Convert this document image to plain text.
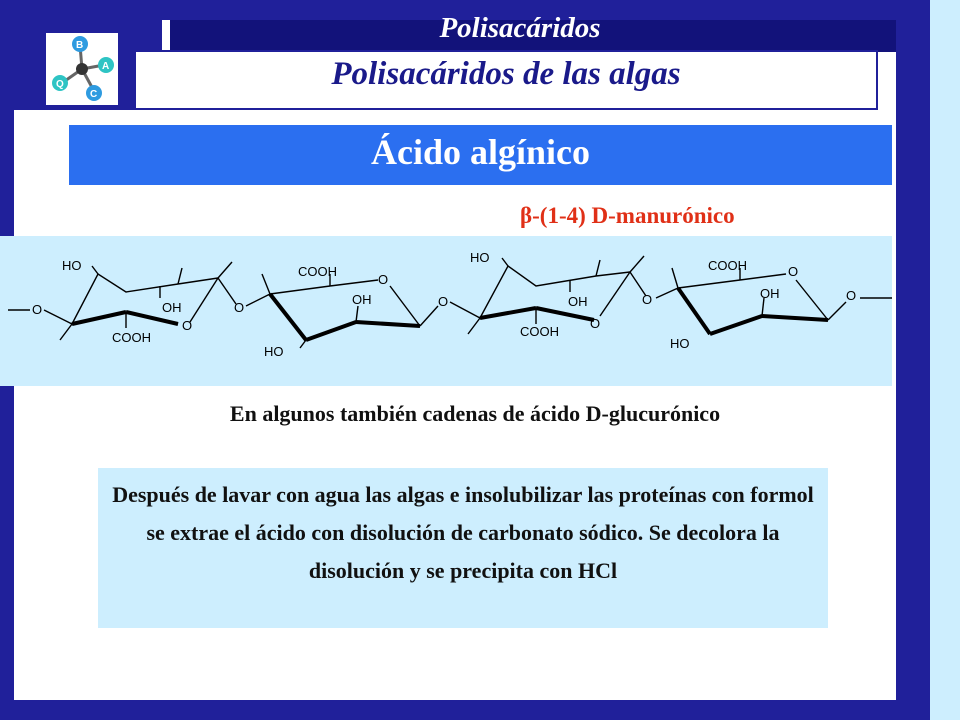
B
A
C
Q
Polisacáridos
Polisacáridos de las algas
Ácido algínico
β-(1-4) D-manurónico
O
HO
OH
COOH
O
O
COOH
OH
O
HO
O
HO
OH
COOH
O
O
COOH
OH
O
HO
O
En algunos también cadenas de ácido D-glucurónico
Después de lavar con agua las algas e insolubilizar las proteínas con formol se extrae el ácido con disolución de carbonato sódico. Se decolora la disolución y se precipita con HCl
